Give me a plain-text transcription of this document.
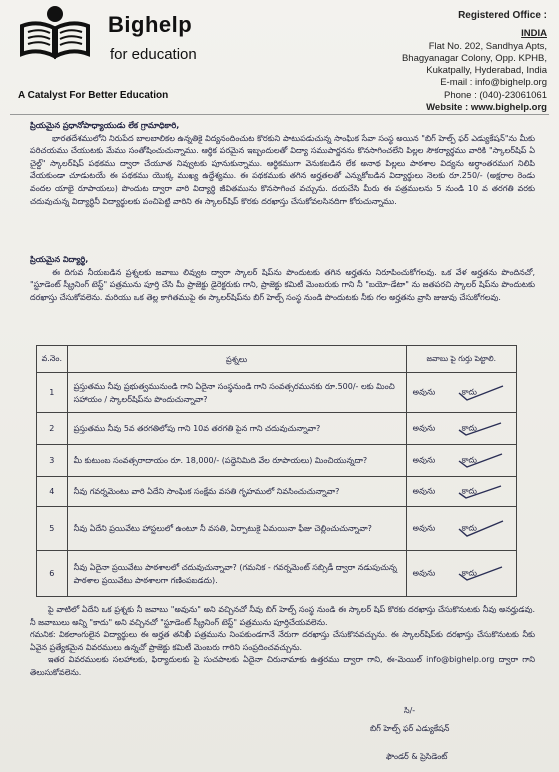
Bighelp
for education
A Catalyst For Better Education
Registered Office :
INDIA
Flat No. 202, Sandhya Apts,
Bhagyanagar Colony, Opp. KPHB,
Kukatpally, Hyderabad, India
E-mail : info@bighelp.org
Phone : (040)-23061061
Website : www.bighelp.org
ప్రియమైన ప్రధానోపాధ్యాయుడు లేక గ్రామాధికారి,
భారతదేశములోని నిరుపేద బాలబాలికల ఉన్నతికై విద్యనందించుట కొరకుని పాటుపడుచున్న సాంఘిక సేవా సంస్థ అయిన "బిగ్ హెల్ప్ ఫర్ ఎడ్యుకేషన్"ను మీకు పరిచయము చేయుటకు మేము సంతోషించుచున్నాము. ఆర్థిక పరమైన ఇబ్బందులతో విద్యా సముపార్జనను కొనసాగించలేని పిల్లల సౌకర్యార్థము వారికి "స్కాలర్‌షిప్ ఏ చైల్డ్" స్కాలర్‌షిప్ పథకము ద్వారా చేయూత నివ్వుటకు పూనుకున్నాము. ఆర్థికముగా వెనుకబడిన లేక అనాథ పిల్లలు పాఠశాల విద్యను అర్ధాంతరముగ నిలిపి వేయకుండా చూడుటయే ఈ పథకము యొక్క ముఖ్య ఉద్దేశ్యము. ఈ పథకముకు తగిన అర్హతలతో ఎన్నుకోబడిన విద్యార్థులు నెలకు రూ.250/- (అక్షరాల రెండు వందల యాభై రూపాయలు) పొందుట ద్వారా వారి విద్యార్థి జీవితమును కొనసాగించ వచ్చును. దయచేసి మీరు ఈ పత్రములను 5 నుండి 10 వ తరగతి వరకు చదువుచున్న విద్యార్థినీ విద్యార్థులకు పంచిపెట్టి వారిని ఈ స్కాలర్‌షిప్ కొరకు దరఖాస్తు చేసుకోవలసినదిగా కోరుచున్నాము.
ప్రియమైన విద్యార్థి,
ఈ దిగువ నీయబడిన ప్రశ్నలకు జవాబు లివ్వుట ద్వారా స్కాలర్ షిప్‌ను పొందుటకు తగిన అర్హతను నిరూపించుకోగలవు. ఒక వేళ అర్హతను పొందినచో, "స్టూడెంట్ స్క్రీనింగ్ టెస్ట్" పత్రమును పూర్తి చేసి మీ ప్రాజెక్టు డైరెక్టరుకు గాని, ప్రాజెక్టు కమిటీ మెంబరుకు గాని నీ "బయో-డేటా" ను జతపరచి స్కాలర్ షిప్‌ను పొందుటకు దరఖాస్తు చేసుకోవలెను. మరియు ఒక తెల్ల కాగితముపై ఈ స్కాలర్‌షిప్‌ను బిగ్ హెల్ప్ సంస్థ నుండి పొందుటకు నీకు గల అర్హతను వ్రాసి జుజువు చేసుకోగలవు.
వ.నెం.	ప్రశ్నలు	జవాబు పై గుర్తు పెట్టాలి.
1	ప్రస్తుతము నీవు ప్రభుత్వమునుండి గాని ఏదైనా సంస్థనుండి గాని సంవత్సరమునకు రూ.500/- లకు మించి సహాయం / స్కాలర్‌షిప్‌ను పొందుచున్నావా?	అవును కాదు

2	ప్రస్తుతము నీవు 5వ తరగతిలోపు గాని 10వ తరగతి పైన గాని చదువుచున్నావా?	అవును కాదు

3	మీ కుటుంబ సంవత్సరాదాయం రూ. 18,000/- (పద్దెనిమిది వేల రూపాయలు) మించియున్నదా?	అవును కాదు

4	నీవు గవర్నమెంటు వారి ఏదేని సాంఘిక సంక్షేమ వసతి గృహములో నివసించుచున్నావా?	అవును కాదు

5	నీవు ఏదేని ప్రయివేటు హాస్టలులో ఉంటూ నీ వసతి, ఏర్పాటుకై ఏమయినా ఫీజు చెల్లించుచున్నావా?	అవును కాదు

6	నీవు ఏదైనా ప్రయివేటు పాఠశాలలో చదువుచున్నావా? (గమనిక - గవర్నమెంట్ సబ్సిడీ ద్వారా నడుపుచున్న పాఠశాల ప్రయివేటు పాఠశాలగా గణింపబడదు).	అవును కాదు
పై వాటిలో ఏదేని ఒక ప్రశ్నకు నీ జవాబు "అవును" అని వచ్చినచో నీవు బిగ్ హెల్ప్ సంస్థ నుండి ఈ స్కాలర్ షిప్ కొరకు దరఖాస్తు చేసుకొనుటకు నీవు అనర్హుడవు. నీ జవాబులు అన్ని "కాదు" అని వచ్చినచో "స్టూడెంట్ స్క్రీనింగ్ టెస్ట్" పత్రమును పూర్తిచేయవలెను.
గమనిక: వికలాంగులైన విద్యార్థులు ఈ అర్హత తనిఖీ పత్రమును నింపకుండగానే నేరుగా దరఖాస్తు చేసుకొనవచ్చును. ఈ స్కాలర్‌షిప్‌కు దరఖాస్తు చేసుకొనుటకు నీకు ఏవైన ప్రత్యేకమైన వివరములు ఉన్నచో ప్రాజెక్టు కమిటీ మెంబరు గారిని సంప్రదించవచ్చును.
ఇతర వివరములకు సలహాలకు, ఫిర్యాదులకు పై సుచపాలకు ఏదైనా చిరునామాకు ఉత్తరము ద్వారా గాని, ఈ-మెయిల్ info@bighelp.org ద్వారా గాని తెలుసుకోవలెను.
సి/-
బిగ్ హెల్ప్ ఫర్ ఎడ్యుకేషన్
ఫౌండర్ & ప్రెసిడెంట్
